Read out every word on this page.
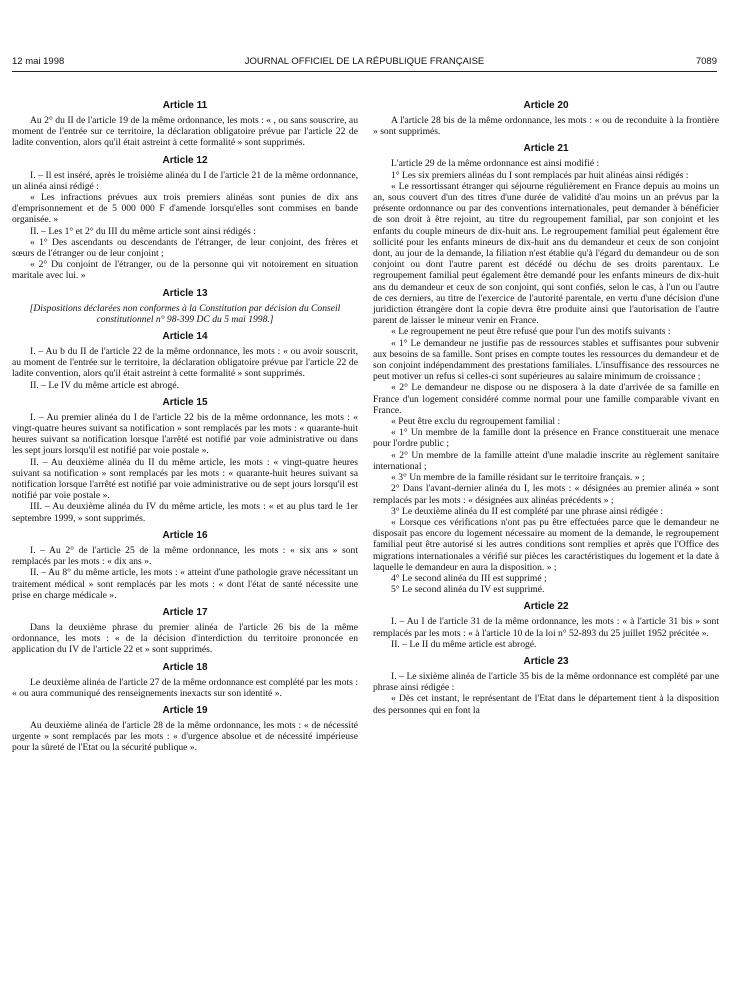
12 mai 1998	JOURNAL OFFICIEL DE LA RÉPUBLIQUE FRANÇAISE	7089
Article 11

Au 2° du II de l'article 19 de la même ordonnance, les mots : « , ou sans souscrire, au moment de l'entrée sur ce territoire, la déclaration obligatoire prévue par l'article 22 de ladite convention, alors qu'il était astreint à cette formalité » sont supprimés.

Article 12

I. – Il est inséré, après le troisième alinéa du I de l'article 21 de la même ordonnance, un alinéa ainsi rédigé :

« Les infractions prévues aux trois premiers alinéas sont punies de dix ans d'emprisonnement et de 5 000 000 F d'amende lorsqu'elles sont commises en bande organisée. »

II. – Les 1° et 2° du III du même article sont ainsi rédigés :

« 1° Des ascendants ou descendants de l'étranger, de leur conjoint, des frères et sœurs de l'étranger ou de leur conjoint ;

« 2° Du conjoint de l'étranger, ou de la personne qui vit notoirement en situation maritale avec lui. »

Article 13

[Dispositions déclarées non conformes à la Constitution par décision du Conseil constitutionnel n° 98-399 DC du 5 mai 1998.]

Article 14

I. – Au b du II de l'article 22 de la même ordonnance, les mots : « ou avoir souscrit, au moment de l'entrée sur le territoire, la déclaration obligatoire prévue par l'article 22 de ladite convention, alors qu'il était astreint à cette formalité » sont supprimés.

II. – Le IV du même article est abrogé.

Article 15

I. – Au premier alinéa du I de l'article 22 bis de la même ordonnance, les mots : « vingt-quatre heures suivant sa notification » sont remplacés par les mots : « quarante-huit heures suivant sa notification lorsque l'arrêté est notifié par voie administrative ou dans les sept jours lorsqu'il est notifié par voie postale ».

II. – Au deuxième alinéa du II du même article, les mots : « vingt-quatre heures suivant sa notification » sont remplacés par les mots : « quarante-huit heures suivant sa notification lorsque l'arrêté est notifié par voie administrative ou de sept jours lorsqu'il est notifié par voie postale ».

III. – Au deuxième alinéa du IV du même article, les mots : « et au plus tard le 1er septembre 1999, » sont supprimés.

Article 16

I. – Au 2° de l'article 25 de la même ordonnance, les mots : « six ans » sont remplacés par les mots : « dix ans ».

II. – Au 8° du même article, les mots : « atteint d'une pathologie grave nécessitant un traitement médical » sont remplacés par les mots : « dont l'état de santé nécessite une prise en charge médicale ».

Article 17

Dans la deuxième phrase du premier alinéa de l'article 26 bis de la même ordonnance, les mots : « de la décision d'interdiction du territoire prononcée en application du IV de l'article 22 et » sont supprimés.

Article 18

Le deuxième alinéa de l'article 27 de la même ordonnance est complété par les mots : « ou aura communiqué des renseignements inexacts sur son identité ».

Article 19

Au deuxième alinéa de l'article 28 de la même ordonnance, les mots : « de nécessité urgente » sont remplacés par les mots : « d'urgence absolue et de nécessité impérieuse pour la sûreté de l'Etat ou la sécurité publique ».

Article 20

A l'article 28 bis de la même ordonnance, les mots : « ou de reconduite à la frontière » sont supprimés.

Article 21

L'article 29 de la même ordonnance est ainsi modifié :

1° Les six premiers alinéas du I sont remplacés par huit alinéas ainsi rédigés :

« Le ressortissant étranger qui séjourne régulièrement en France depuis au moins un an, sous couvert d'un des titres d'une durée de validité d'au moins un an prévus par la présente ordonnance ou par des conventions internationales, peut demander à bénéficier de son droit à être rejoint, au titre du regroupement familial, par son conjoint et les enfants du couple mineurs de dix-huit ans. Le regroupement familial peut également être sollicité pour les enfants mineurs de dix-huit ans du demandeur et ceux de son conjoint dont, au jour de la demande, la filiation n'est établie qu'à l'égard du demandeur ou de son conjoint ou dont l'autre parent est décédé ou déchu de ses droits parentaux. Le regroupement familial peut également être demandé pour les enfants mineurs de dix-huit ans du demandeur et ceux de son conjoint, qui sont confiés, selon le cas, à l'un ou l'autre de ces derniers, au titre de l'exercice de l'autorité parentale, en vertu d'une décision d'une juridiction étrangère dont la copie devra être produite ainsi que l'autorisation de l'autre parent de laisser le mineur venir en France.

« Le regroupement ne peut être refusé que pour l'un des motifs suivants :

« 1° Le demandeur ne justifie pas de ressources stables et suffisantes pour subvenir aux besoins de sa famille. Sont prises en compte toutes les ressources du demandeur et de son conjoint indépendamment des prestations familiales. L'insuffisance des ressources ne peut motiver un refus si celles-ci sont supérieures au salaire minimum de croissance ;

« 2° Le demandeur ne dispose ou ne disposera à la date d'arrivée de sa famille en France d'un logement considéré comme normal pour une famille comparable vivant en France.

« Peut être exclu du regroupement familial :

« 1° Un membre de la famille dont la présence en France constituerait une menace pour l'ordre public ;

« 2° Un membre de la famille atteint d'une maladie inscrite au règlement sanitaire international ;

« 3° Un membre de la famille résidant sur le territoire français. » ;

2° Dans l'avant-dernier alinéa du I, les mots : « désignées au premier alinéa » sont remplacés par les mots : « désignées aux alinéas précédents » ;

3° Le deuxième alinéa du II est complété par une phrase ainsi rédigée :

« Lorsque ces vérifications n'ont pas pu être effectuées parce que le demandeur ne disposait pas encore du logement nécessaire au moment de la demande, le regroupement familial peut être autorisé si les autres conditions sont remplies et après que l'Office des migrations internationales a vérifié sur pièces les caractéristiques du logement et la date à laquelle le demandeur en aura la disposition. » ;

4° Le second alinéa du III est supprimé ;

5° Le second alinéa du IV est supprimé.

Article 22

I. – Au I de l'article 31 de la même ordonnance, les mots : « à l'article 31 bis » sont remplacés par les mots : « à l'article 10 de la loi n° 52-893 du 25 juillet 1952 précitée ».

II. – Le II du même article est abrogé.

Article 23

I. – Le sixième alinéa de l'article 35 bis de la même ordonnance est complété par une phrase ainsi rédigée :

« Dès cet instant, le représentant de l'Etat dans le département tient à la disposition des personnes qui en font la
